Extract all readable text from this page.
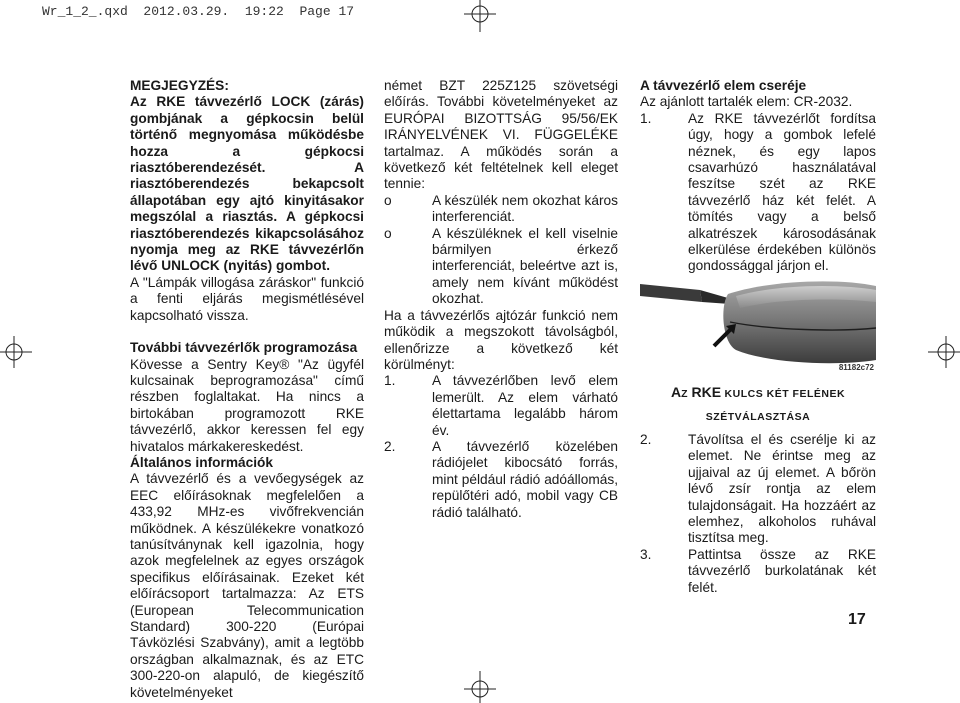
Wr_1_2_.qxd  2012.03.29.  19:22  Page 17

MEGJEGYZÉS:

Az RKE távvezérlő LOCK (zárás) gombjának a gépkocsin belül történő megnyomása működésbe hozza a gépkocsi riasztóberendezését. A riasztóberendezés bekapcsolt állapotában egy ajtó kinyitásakor megszólal a riasztás. A gépkocsi riasztóberendezés kikapcsolásához nyomja meg az RKE távvezérlőn lévő UNLOCK (nyitás) gombot.

A "Lámpák villogása záráskor" funkció a fenti eljárás megismétlésével kapcsolható vissza.

További távvezérlők programozása

Kövesse a Sentry Key® "Az ügyfél kulcsainak beprogramozása" című részben foglaltakat. Ha nincs a birtokában programozott RKE távvezérlő, akkor keressen fel egy hivatalos márkakereskedést.

Általános információk

A távvezérlő és a vevőegységek az EEC előírásoknak megfelelően a 433,92 MHz-es vivőfrekvencián működnek. A készülékekre vonatkozó tanúsítványnak kell igazolnia, hogy azok megfelelnek az egyes országok specifikus előírásainak. Ezeket két előírácsoport tartalmazza: Az ETS (European Telecommunication Standard) 300-220 (Európai Távközlési Szabvány), amit a legtöbb országban alkalmaznak, és az ETC 300-220-on alapuló, de kiegészítő követelményeket

német BZT 225Z125 szövetségi előírás. További követelményeket az EURÓPAI BIZOTTSÁG 95/56/EK IRÁNYELVÉNEK VI. FÜGGELÉKE tartalmaz. A működés során a következő két feltételnek kell eleget tennie:

o	A készülék nem okozhat káros interferenciát.
o	A készüléknek el kell viselnie bármilyen érkező interferenciát, beleértve azt is, amely nem kívánt működést okozhat.

Ha a távvezérlős ajtózár funkció nem működik a megszokott távolságból, ellenőrizze a következő két körülményt:

1.	A távvezérlőben levő elem lemerült. Az elem várható élettartama legalább három év.
2.	A távvezérlő közelében rádiójelet kibocsátó forrás, mint például rádió adóállomás, repülőtéri adó, mobil vagy CB rádió található.

A távvezérlő elem cseréje

Az ajánlott tartalék elem: CR-2032.

1.	Az RKE távvezérlőt fordítsa úgy, hogy a gombok lefelé néznek, és egy lapos csavarhúzó használatával feszítse szét az RKE távvezérlő ház két felét. A tömítés vagy a belső alkatrészek károsodásának elkerülése érdekében különös gondossággal járjon el.
81182c72

AZ RKE KULCS KÉT FELÉNEK

SZÉTVÁLASZTÁSA

2.	Távolítsa el és cserélje ki az elemet. Ne érintse meg az ujjaival az új elemet. A bőrön lévő zsír rontja az elem tulajdonságait. Ha hozzáért az elemhez, alkoholos ruhával tisztítsa meg.
3.	Pattintsa össze az RKE távvezérlő burkolatának két felét.
17
